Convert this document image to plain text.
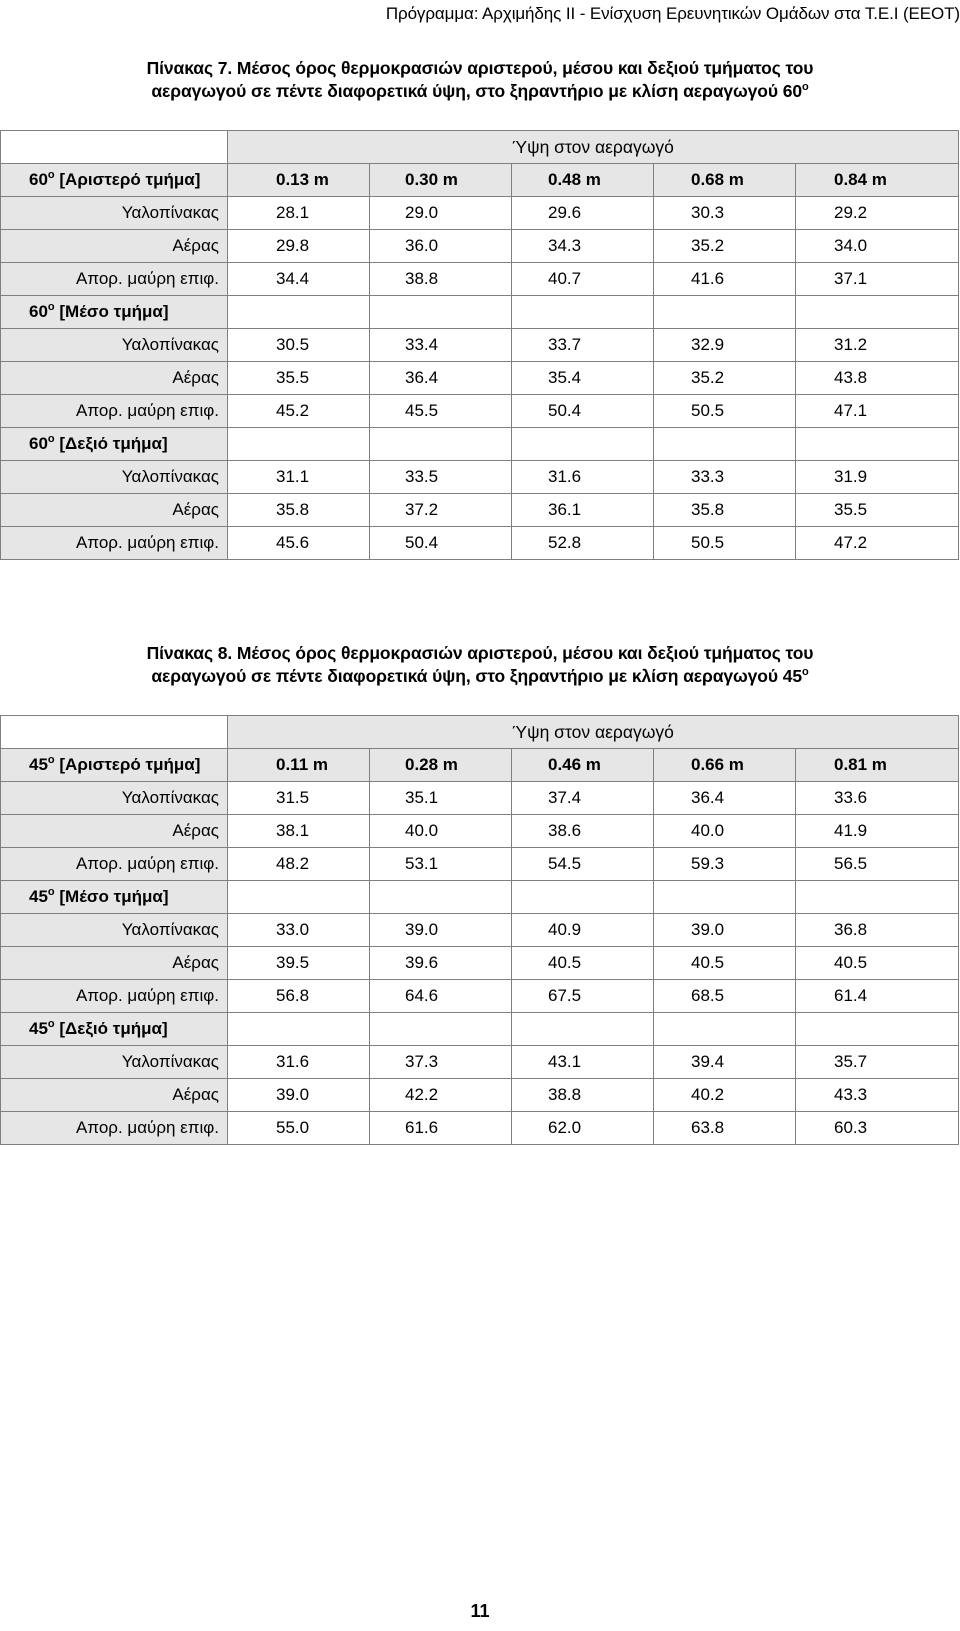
Πρόγραμμα: Αρχιμήδης ΙΙ - Ενίσχυση Ερευνητικών Ομάδων στα Τ.Ε.Ι (ΕΕΟΤ)
Πίνακας 7. Μέσος όρος θερμοκρασιών αριστερού, μέσου και δεξιού τμήματος του
αεραγωγού σε πέντε διαφορετικά ύψη, στο ξηραντήριο με κλίση αεραγωγού $60^o$
	Ύψη στον αεραγωγό				
$60^o$ [Αριστερό τμήμα]	0.13 m	0.30 m	0.48 m	0.68 m	0.84 m
Υαλοπίνακας	28.1	29.0	29.6	30.3	29.2
Αέρας	29.8	36.0	34.3	35.2	34.0
Απορ. μαύρη επιφ.	34.4	38.8	40.7	41.6	37.1
$60^o$ [Μέσο τμήμα]					
Υαλοπίνακας	30.5	33.4	33.7	32.9	31.2
Αέρας	35.5	36.4	35.4	35.2	43.8
Απορ. μαύρη επιφ.	45.2	45.5	50.4	50.5	47.1
$60^o$ [Δεξιό τμήμα]					
Υαλοπίνακας	31.1	33.5	31.6	33.3	31.9
Αέρας	35.8	37.2	36.1	35.8	35.5
Απορ. μαύρη επιφ.	45.6	50.4	52.8	50.5	47.2
Πίνακας 8. Μέσος όρος θερμοκρασιών αριστερού, μέσου και δεξιού τμήματος του
αεραγωγού σε πέντε διαφορετικά ύψη, στο ξηραντήριο με κλίση αεραγωγού $45^o$
	Ύψη στον αεραγωγό				
$45^o$ [Αριστερό τμήμα]	0.11 m	0.28 m	0.46 m	0.66 m	0.81 m
Υαλοπίνακας	31.5	35.1	37.4	36.4	33.6
Αέρας	38.1	40.0	38.6	40.0	41.9
Απορ. μαύρη επιφ.	48.2	53.1	54.5	59.3	56.5
$45^o$ [Μέσο τμήμα]					
Υαλοπίνακας	33.0	39.0	40.9	39.0	36.8
Αέρας	39.5	39.6	40.5	40.5	40.5
Απορ. μαύρη επιφ.	56.8	64.6	67.5	68.5	61.4
$45^o$ [Δεξιό τμήμα]					
Υαλοπίνακας	31.6	37.3	43.1	39.4	35.7
Αέρας	39.0	42.2	38.8	40.2	43.3
Απορ. μαύρη επιφ.	55.0	61.6	62.0	63.8	60.3
11
